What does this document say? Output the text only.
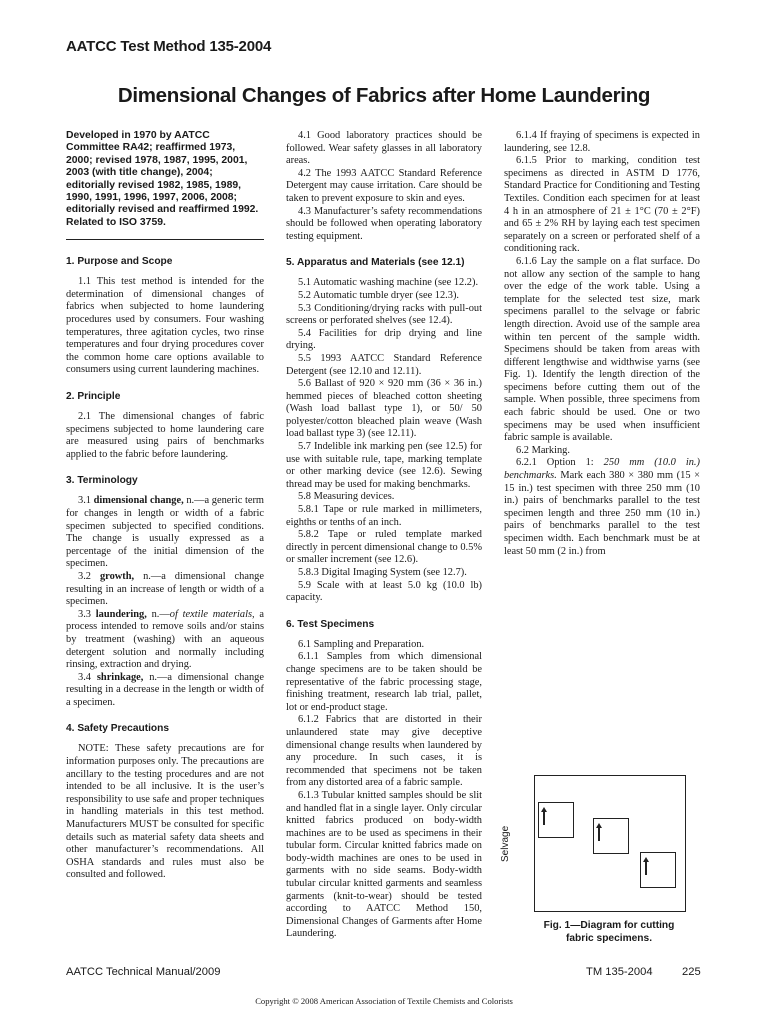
AATCC Test Method 135-2004
Dimensional Changes of Fabrics after Home Laundering

Developed in 1970 by AATCC Committee RA42; reaffirmed 1973, 2000; revised 1978, 1987, 1995, 2001, 2003 (with title change), 2004; editorially revised 1982, 1985, 1989, 1990, 1991, 1996, 1997, 2006, 2008; editorially revised and reaffirmed 1992. Related to ISO 3759.

1. Purpose and Scope

1.1 This test method is intended for the determination of dimensional changes of fabrics when subjected to home laundering procedures used by consumers. Four washing temperatures, three agitation cycles, two rinse temperatures and four drying procedures cover the common home care options available to consumers using current laundering machines.

2. Principle

2.1 The dimensional changes of fabric specimens subjected to home laundering care are measured using pairs of benchmarks applied to the fabric before laundering.

3. Terminology

3.1 dimensional change, n.—a generic term for changes in length or width of a fabric specimen subjected to specified conditions. The change is usually expressed as a percentage of the initial dimension of the specimen.

3.2 growth, n.—a dimensional change resulting in an increase of length or width of a specimen.

3.3 laundering, n.—of textile materials, a process intended to remove soils and/or stains by treatment (washing) with an aqueous detergent solution and normally including rinsing, extraction and drying.

3.4 shrinkage, n.—a dimensional change resulting in a decrease in the length or width of a specimen.

4. Safety Precautions

NOTE: These safety precautions are for information purposes only. The precautions are ancillary to the testing procedures and are not intended to be all inclusive. It is the user’s responsibility to use safe and proper techniques in handling materials in this test method. Manufacturers MUST be consulted for specific details such as material safety data sheets and other manufacturer’s recommendations. All OSHA standards and rules must also be consulted and followed.

4.1 Good laboratory practices should be followed. Wear safety glasses in all laboratory areas.

4.2 The 1993 AATCC Standard Reference Detergent may cause irritation. Care should be taken to prevent exposure to skin and eyes.

4.3 Manufacturer’s safety recommendations should be followed when operating laboratory testing equipment.

5. Apparatus and Materials (see 12.1)

5.1 Automatic washing machine (see 12.2).

5.2 Automatic tumble dryer (see 12.3).

5.3 Conditioning/drying racks with pull-out screens or perforated shelves (see 12.4).

5.4 Facilities for drip drying and line drying.

5.5 1993 AATCC Standard Reference Detergent (see 12.10 and 12.11).

5.6 Ballast of 920 × 920 mm (36 × 36 in.) hemmed pieces of bleached cotton sheeting (Wash load ballast type 1), or 50/ 50 polyester/cotton bleached plain weave (Wash load ballast type 3) (see 12.11).

5.7 Indelible ink marking pen (see 12.5) for use with suitable rule, tape, marking template or other marking device (see 12.6). Sewing thread may be used for making benchmarks.

5.8 Measuring devices.

5.8.1 Tape or rule marked in millimeters, eighths or tenths of an inch.

5.8.2 Tape or ruled template marked directly in percent dimensional change to 0.5% or smaller increment (see 12.6).

5.8.3 Digital Imaging System (see 12.7).

5.9 Scale with at least 5.0 kg (10.0 lb) capacity.

6. Test Specimens

6.1 Sampling and Preparation.

6.1.1 Samples from which dimensional change specimens are to be taken should be representative of the fabric processing stage, finishing treatment, research lab trial, pallet, lot or end-product stage.

6.1.2 Fabrics that are distorted in their unlaundered state may give deceptive dimensional change results when laundered by any procedure. In such cases, it is recommended that specimens not be taken from any distorted area of a fabric sample.

6.1.3 Tubular knitted samples should be slit and handled flat in a single layer. Only circular knitted fabrics produced on body-width machines are to be used as specimens in their tubular form. Circular knitted fabrics made on body-width machines are ones to be used in garments with no side seams. Body-width tubular circular knitted garments and seamless garments (knit-to-wear) should be tested according to AATCC Method 150, Dimensional Changes of Garments after Home Laundering.

6.1.4 If fraying of specimens is expected in laundering, see 12.8.

6.1.5 Prior to marking, condition test specimens as directed in ASTM D 1776, Standard Practice for Conditioning and Testing Textiles. Condition each specimen for at least 4 h in an atmosphere of 21 ± 1°C (70 ± 2°F) and 65 ± 2% RH by laying each test specimen separately on a screen or perforated shelf of a conditioning rack.

6.1.6 Lay the sample on a flat surface. Do not allow any section of the sample to hang over the edge of the work table. Using a template for the selected test size, mark specimens parallel to the selvage or fabric length direction. Avoid use of the sample area within ten percent of the sample width. Specimens should be taken from areas with different lengthwise and widthwise yarns (see Fig. 1). Identify the length direction of the specimens before cutting them out of the sample. When possible, three specimens from each fabric should be used. One or two specimens may be used when insufficient fabric sample is available.

6.2 Marking.

6.2.1 Option 1: 250 mm (10.0 in.) benchmarks. Mark each 380 × 380 mm (15 × 15 in.) test specimen with three 250 mm (10 in.) pairs of benchmarks parallel to the test specimen length and three 250 mm (10 in.) pairs of benchmarks parallel to the test specimen width. Each benchmark must be at least 50 mm (2 in.) from

Selvage
Fig. 1—Diagram for cutting fabric specimens.
AATCC Technical Manual/2009	TM 135-2004	225
Copyright © 2008 American Association of Textile Chemists and Colorists
